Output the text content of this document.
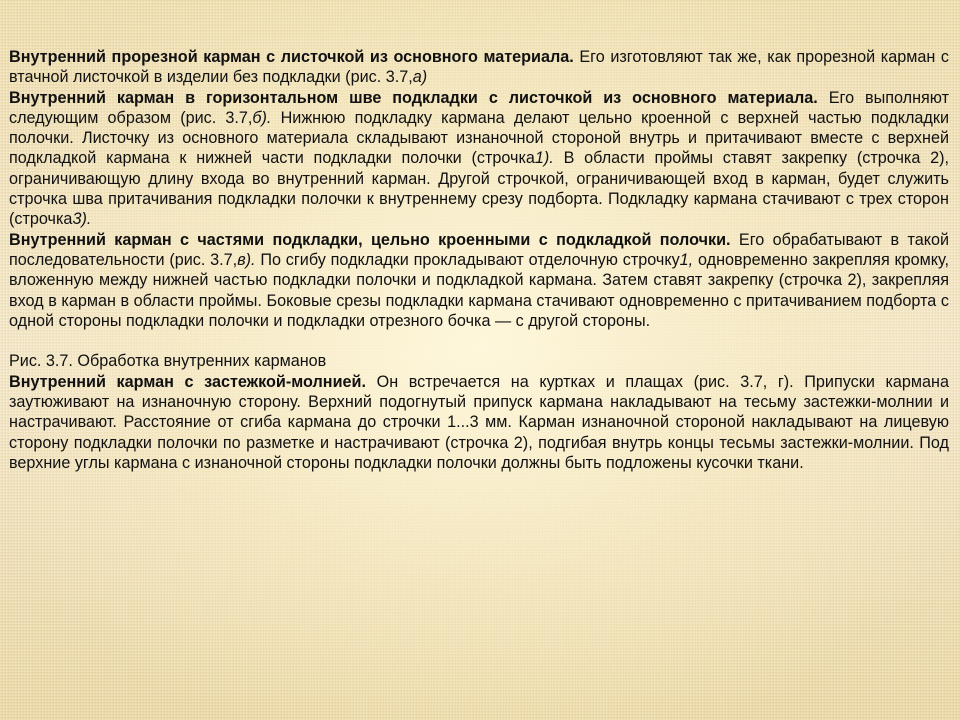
Внутренний прорезной карман с листочкой из основного материала. Его изготовляют так же, как прорезной карман с втачной листочкой в изделии без подкладки (рис. 3.7,а)

Внутренний карман в горизонтальном шве подкладки с листочкой из основного материала. Его выполняют следующим образом (рис. 3.7,б). Нижнюю подкладку кармана делают цельно кроенной с верхней частью подкладки полочки. Листочку из основного материала складывают изнаночной стороной внутрь и притачивают вместе с верхней подкладкой кармана к нижней части подкладки полочки (строчка1). В области проймы ставят закрепку (строчка 2), ограничивающую длину входа во внутренний карман. Другой строчкой, ограничивающей вход в карман, будет служить строчка шва притачивания подкладки полочки к внутреннему срезу подборта. Подкладку кармана стачивают с трех сторон (строчка3).

Внутренний карман с частями подкладки, цельно кроенными с подкладкой полочки. Его обрабатывают в такой последовательности (рис. 3.7,в). По сгибу подкладки прокладывают отделочную строчку1, одновременно закрепляя кромку, вложенную между нижней частью подкладки полочки и подкладкой кармана. Затем ставят закрепку (строчка 2), закрепляя вход в карман в области проймы. Боковые срезы подкладки кармана стачивают одновременно с притачиванием подборта с одной стороны подкладки полочки и подкладки отрезного бочка — с другой стороны.

Рис. 3.7. Обработка внутренних карманов

Внутренний карман с застежкой-молнией. Он встречается на куртках и плащах (рис. 3.7, г). Припуски кармана заутюживают на изнаночную сторону. Верхний подогнутый припуск кармана накладывают на тесьму застежки-молнии и настрачивают. Расстояние от сгиба кармана до строчки 1...3 мм. Карман изнаночной стороной накладывают на лицевую сторону подкладки полочки по разметке и настрачивают (строчка 2), подгибая внутрь концы тесьмы застежки-молнии. Под верхние углы кармана с изнаночной стороны подкладки полочки должны быть подложены кусочки ткани.
